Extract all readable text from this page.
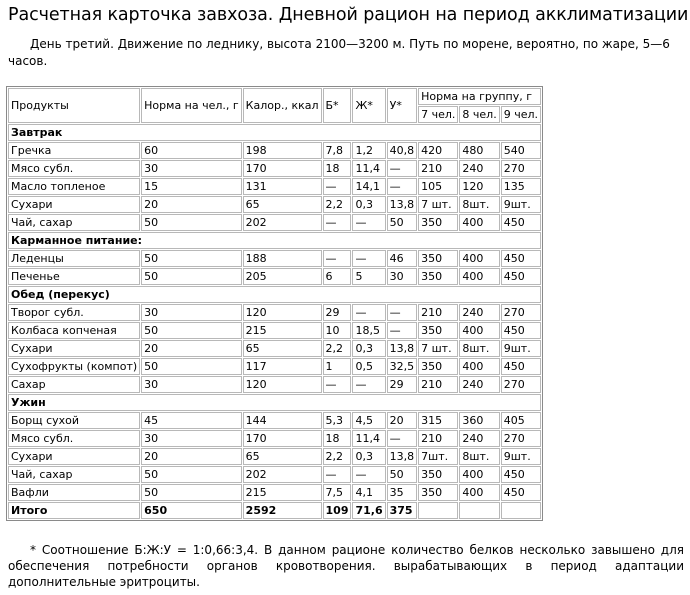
Расчетная карточка завхоза. Дневной рацион на период акклиматизации

День третий. Движение по леднику, высота 2100—3200 м. Путь по морене, вероятно, по жаре, 5—6 часов.

Продукты	Норма на чел., г	Калор., ккал	Б*	Ж*	У*	Норма на группу, г		
						7 чел.	8 чел.	9 чел.
Завтрак								
Гречка	60	198	7,8	1,2	40,8	420	480	540
Мясо субл.	30	170	18	11,4	—	210	240	270
Масло топленое	15	131	—	14,1	—	105	120	135
Сухари	20	65	2,2	0,3	13,8	7 шт.	8шт.	9шт.
Чай, сахар	50	202	—	—	50	350	400	450
Карманное питание:								
Леденцы	50	188	—	—	46	350	400	450
Печенье	50	205	6	5	30	350	400	450
Обед (перекус)								
Творог субл.	30	120	29	—	—	210	240	270
Колбаса копченая	50	215	10	18,5	—	350	400	450
Сухари	20	65	2,2	0,3	13,8	7 шт.	8шт.	9шт.
Сухофрукты (компот)	50	117	1	0,5	32,5	350	400	450
Сахар	30	120	—	—	29	210	240	270
Ужин								
Борщ сухой	45	144	5,3	4,5	20	315	360	405
Мясо субл.	30	170	18	11,4	—	210	240	270
Сухари	20	65	2,2	0,3	13,8	7шт.	8шт.	9шт.
Чай, сахар	50	202	—	—	50	350	400	450
Вафли	50	215	7,5	4,1	35	350	400	450
Итого	650	2592	109	71,6	375			

* Соотношение Б:Ж:У = 1:0,66:3,4. В данном рационе количество белков несколько завышено для обеспечения потребности органов кровотворения. вырабатывающих в период адаптации дополнительные эритроциты.
